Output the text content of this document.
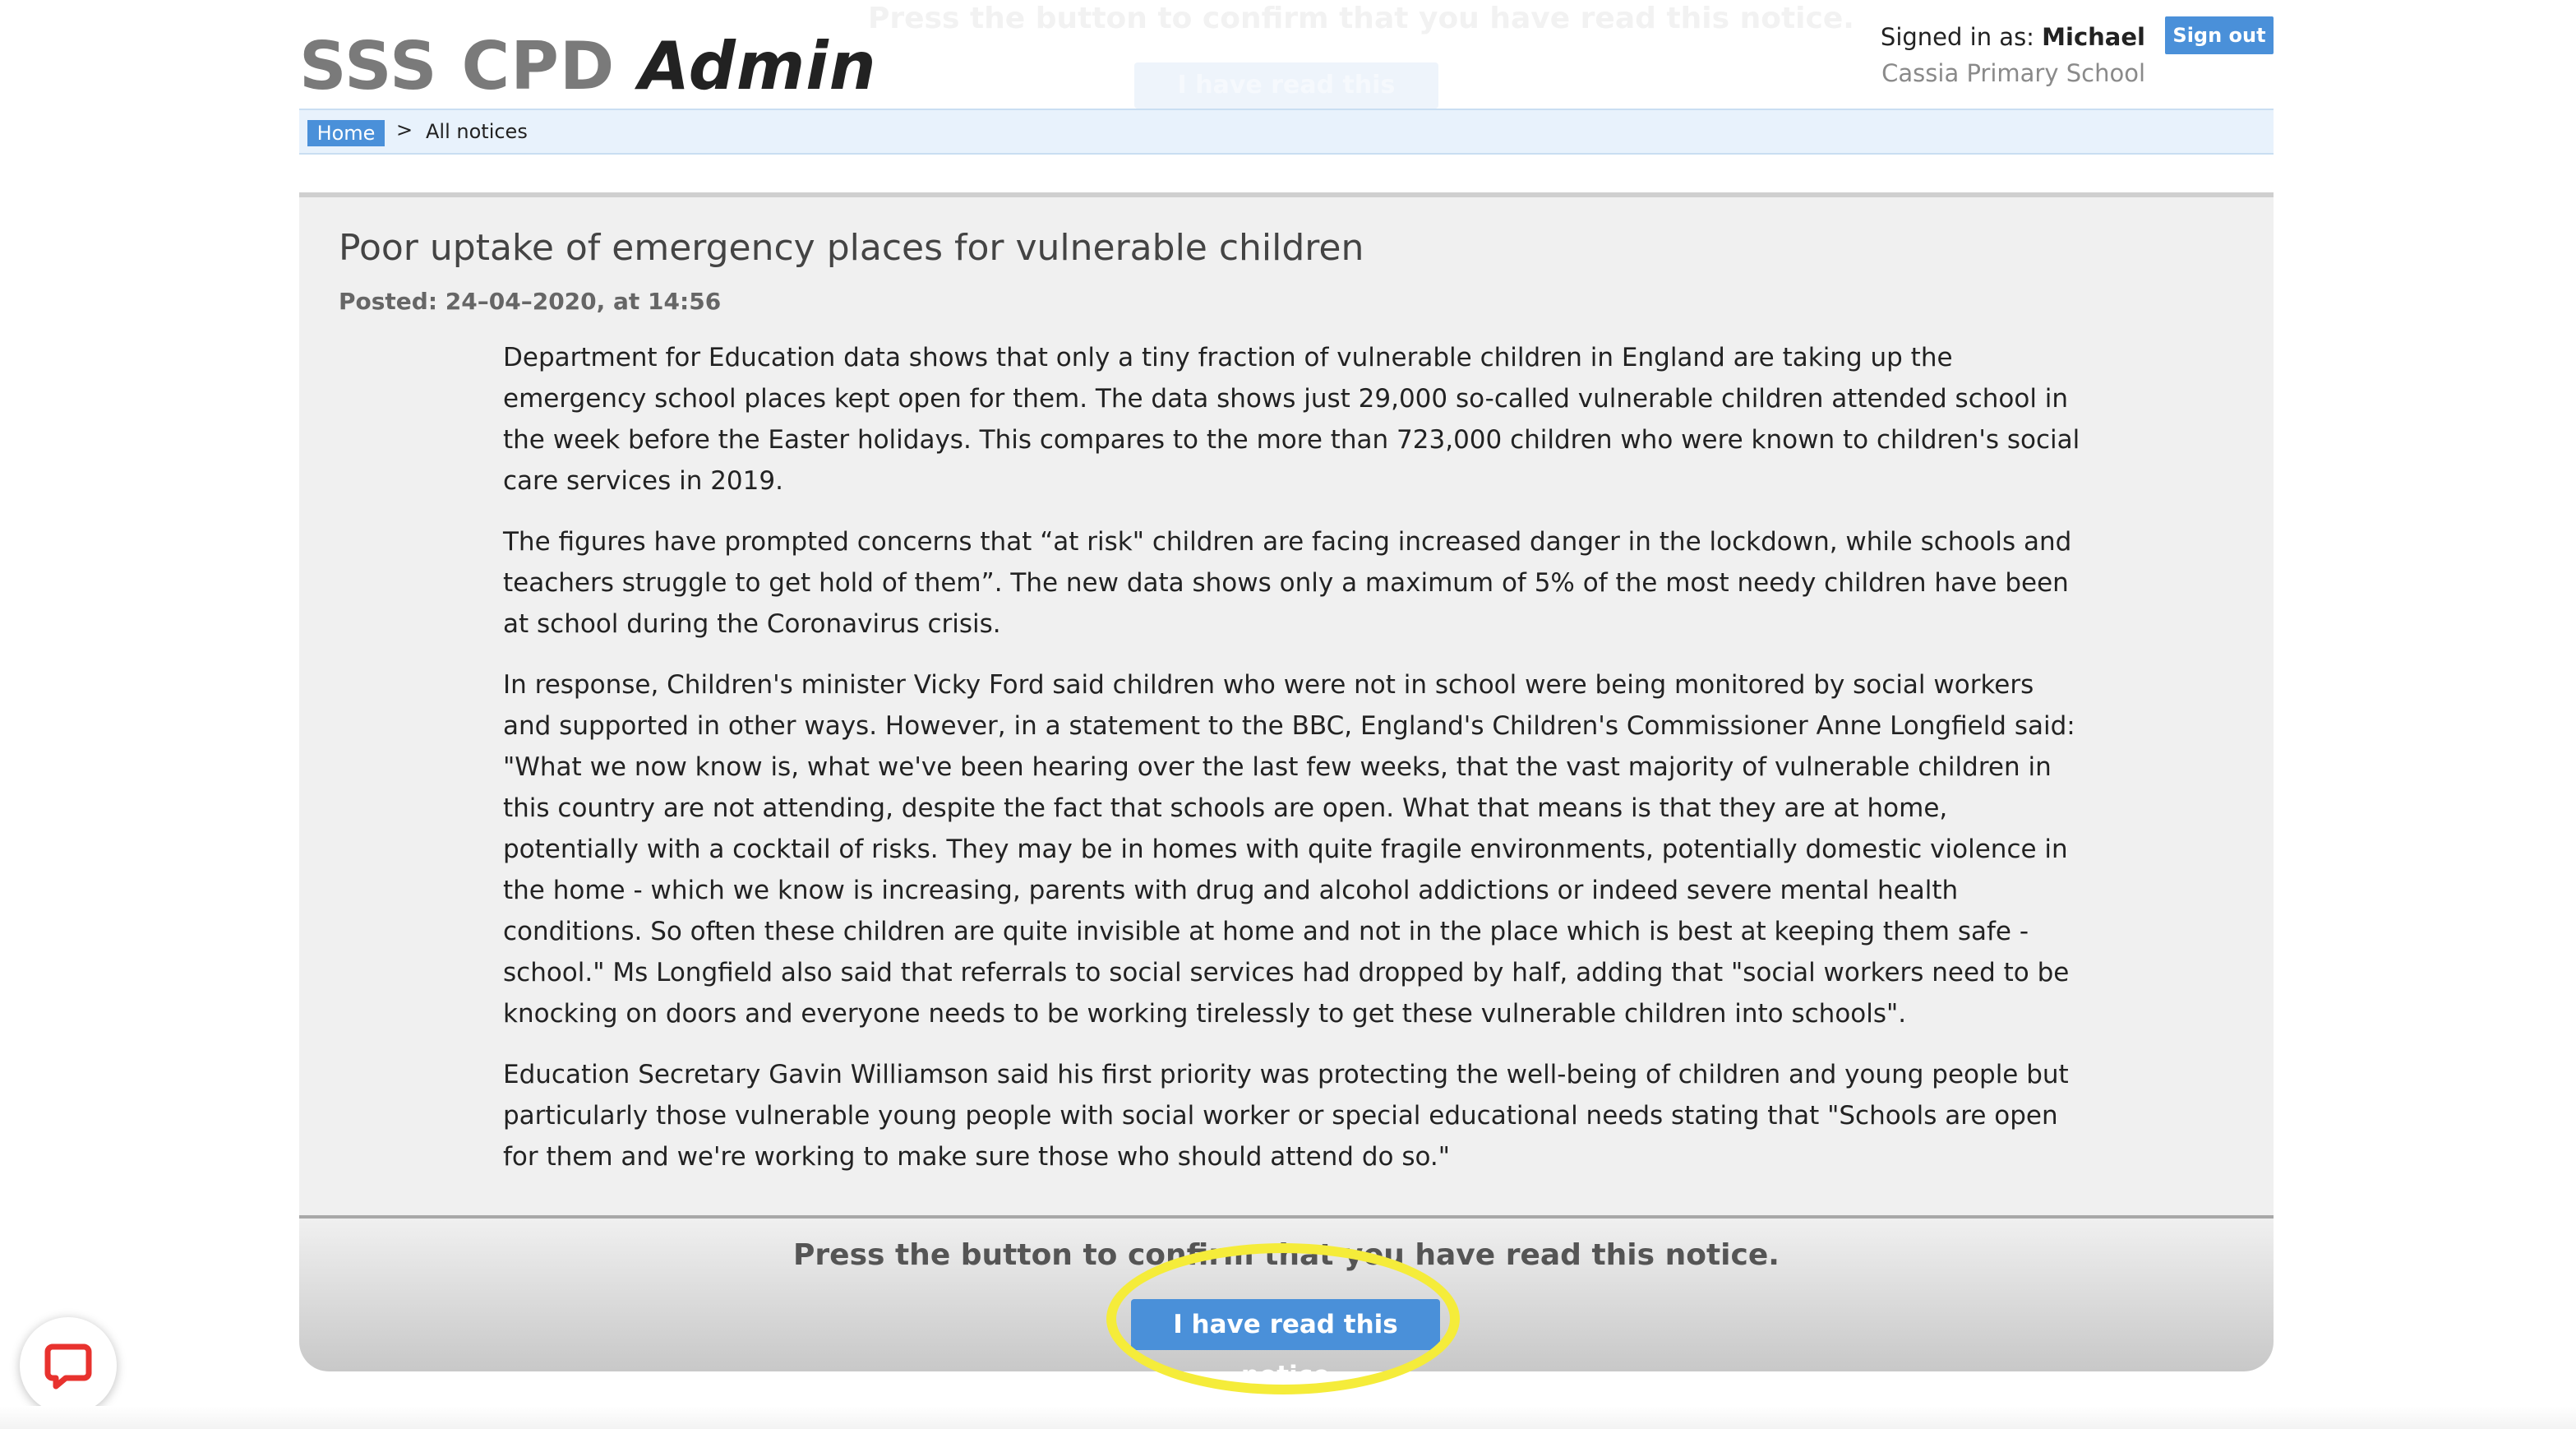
Press the button to confirm that you have read this notice.
I have read this
SSS CPD Admin	Signed in as: Michael
Cassia Primary School
Sign out
Home	> All notices
Poor uptake of emergency places for vulnerable children
Posted: 24–04–2020, at 14:56

Department for Education data shows that only a tiny fraction of vulnerable children in England are taking up the emergency school places kept open for them. The data shows just 29,000 so-called vulnerable children attended school in the week before the Easter holidays. This compares to the more than 723,000 children who were known to children's social care services in 2019.

The figures have prompted concerns that “at risk" children are facing increased danger in the lockdown, while schools and teachers struggle to get hold of them”. The new data shows only a maximum of 5% of the most needy children have been at school during the Coronavirus crisis.

In response, Children's minister Vicky Ford said children who were not in school were being monitored by social workers and supported in other ways. However, in a statement to the BBC, England's Children's Commissioner Anne Longfield said: "What we now know is, what we've been hearing over the last few weeks, that the vast majority of vulnerable children in this country are not attending, despite the fact that schools are open. What that means is that they are at home, potentially with a cocktail of risks. They may be in homes with quite fragile environments, potentially domestic violence in the home - which we know is increasing, parents with drug and alcohol addictions or indeed severe mental health conditions. So often these children are quite invisible at home and not in the place which is best at keeping them safe - school." Ms Longfield also said that referrals to social services had dropped by half, adding that "social workers need to be knocking on doors and everyone needs to be working tirelessly to get these vulnerable children into schools".

Education Secretary Gavin Williamson said his first priority was protecting the well-being of children and young people but particularly those vulnerable young people with social worker or special educational needs stating that "Schools are open for them and we're working to make sure those who should attend do so."

Press the button to confirm that you have read this notice.
I have read this notice
